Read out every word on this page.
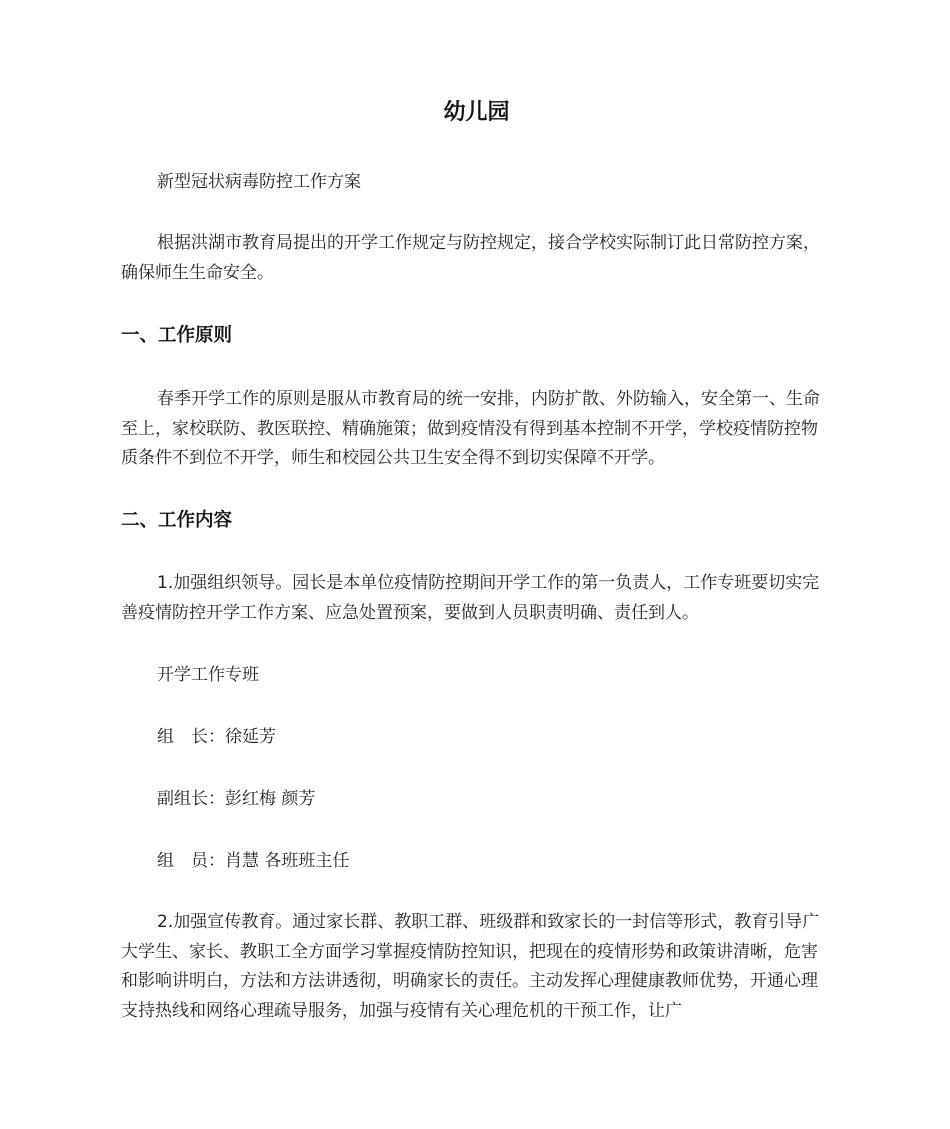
幼儿园

新型冠状病毒防控工作方案

根据洪湖市教育局提出的开学工作规定与防控规定，接合学校实际制订此日常防控方案，确保师生生命安全。

一、工作原则

春季开学工作的原则是服从市教育局的统一安排，内防扩散、外防输入，安全第一、生命至上，家校联防、教医联控、精确施策；做到疫情没有得到基本控制不开学，学校疫情防控物质条件不到位不开学，师生和校园公共卫生安全得不到切实保障不开学。

二、工作内容

1.加强组织领导。园长是本单位疫情防控期间开学工作的第一负责人，工作专班要切实完善疫情防控开学工作方案、应急处置预案，要做到人员职责明确、责任到人。

开学工作专班

组　长：徐延芳

副组长：彭红梅 颜芳

组　员：肖慧 各班班主任

2.加强宣传教育。通过家长群、教职工群、班级群和致家长的一封信等形式，教育引导广大学生、家长、教职工全方面学习掌握疫情防控知识，把现在的疫情形势和政策讲清晰，危害和影响讲明白，方法和方法讲透彻，明确家长的责任。主动发挥心理健康教师优势，开通心理支持热线和网络心理疏导服务，加强与疫情有关心理危机的干预工作，让广
